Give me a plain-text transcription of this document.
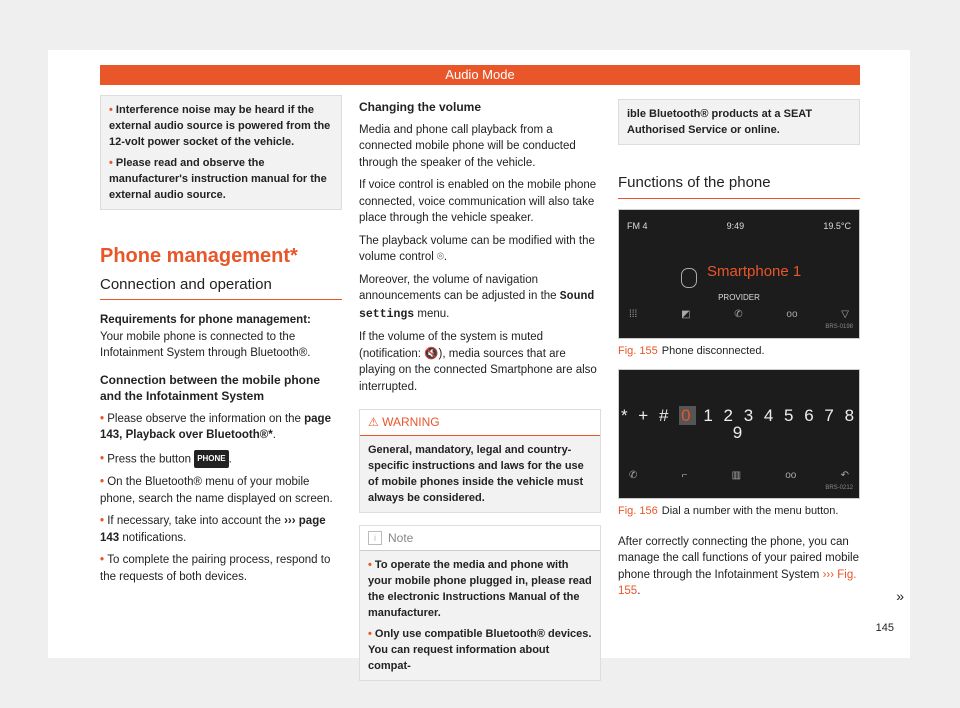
Audio Mode

• Interference noise may be heard if the external audio source is powered from the 12-volt power socket of the vehicle.

• Please read and observe the manufacturer's instruction manual for the external audio source.

Phone management*
Connection and operation
Requirements for phone management:
Your mobile phone is connected to the Infotainment System through Bluetooth®.
Connection between the mobile phone and the Infotainment System
• Please observe the information on the page 143, Playback over Bluetooth®*.
• Press the button PHONE .
• On the Bluetooth® menu of your mobile phone, search the name displayed on screen.
• If necessary, take into account the ››› page 143 notifications.
• To complete the pairing process, respond to the requests of both devices.
Changing the volume
Media and phone call playback from a connected mobile phone will be conducted through the speaker of the vehicle.
If voice control is enabled on the mobile phone connected, voice communication will also take place through the vehicle speaker.
The playback volume can be modified with the volume control ⌾.
Moreover, the volume of navigation announcements can be adjusted in the Sound settings menu.
If the volume of the system is muted (notification: 🔇), media sources that are playing on the connected Smartphone are also interrupted.
⚠ WARNING
General, mandatory, legal and country-specific instructions and laws for the use of mobile phones inside the vehicle must always be considered.
i Note
• To operate the media and phone with your mobile phone plugged in, please read the electronic Instructions Manual of the manufacturer.
• Only use compatible Bluetooth® devices. You can request information about compat-
ible Bluetooth® products at a SEAT Authorised Service or online.
Functions of the phone
FM 4	9:49	19.5°C
Smartphone 1
PROVIDER
⁞⁞⁞	◩	✆	oo	▽
BRS-0198
Fig. 155 Phone disconnected.
* + # 0 1 2 3 4 5 6 7 8 9
✆	⌐	▥	oo	↶
BRS-0212
Fig. 156 Dial a number with the menu button.
After correctly connecting the phone, you can manage the call functions of your paired mobile phone through the Infotainment System ››› Fig. 155.	»
145
